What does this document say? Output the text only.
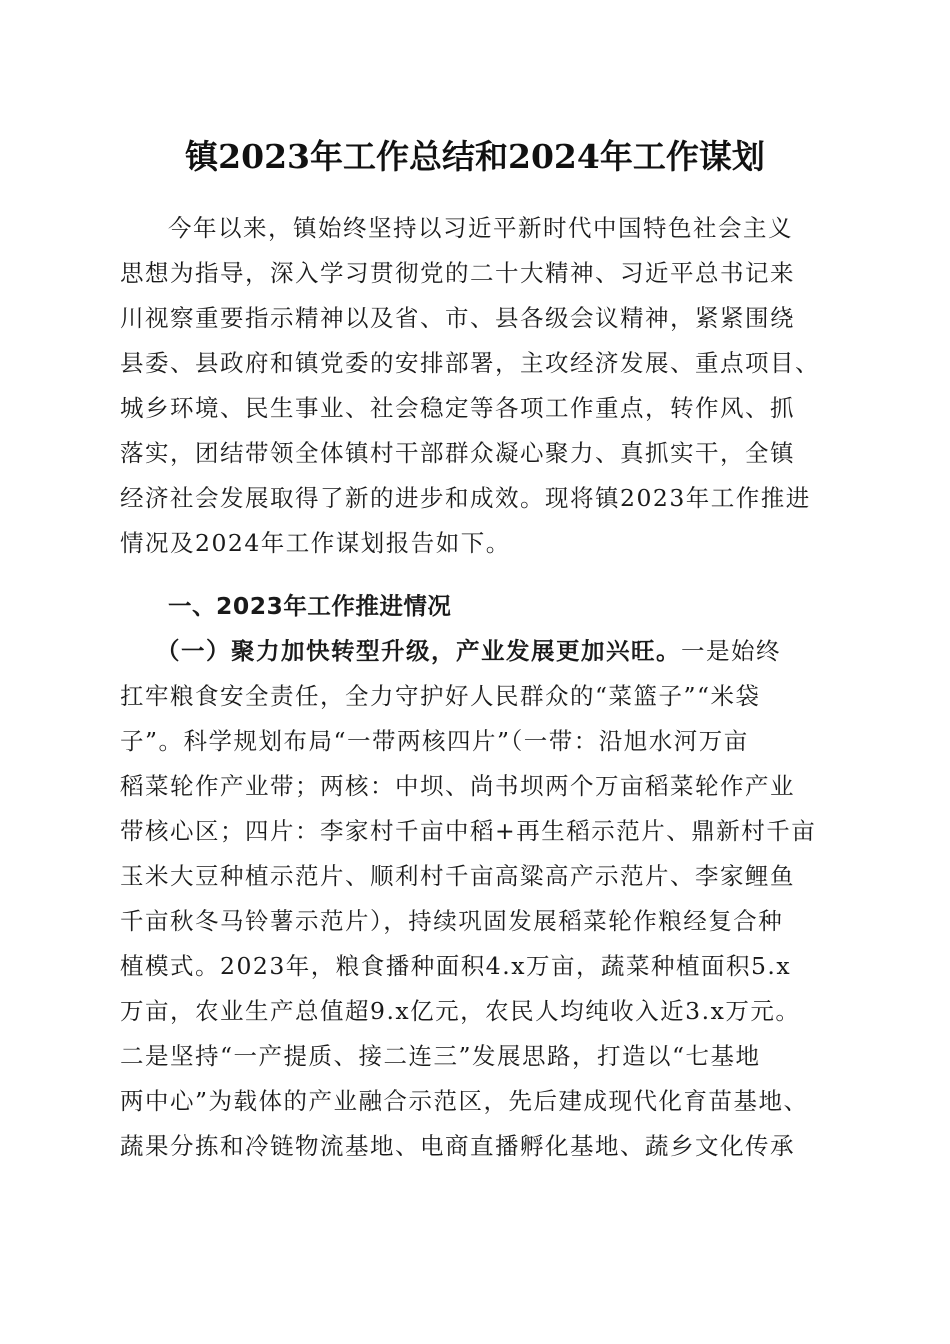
镇2023年工作总结和2024年工作谋划
今年以来，镇始终坚持以习近平新时代中国特色社会主义
思想为指导，深入学习贯彻党的二十大精神、习近平总书记来
川视察重要指示精神以及省、市、县各级会议精神，紧紧围绕
县委、县政府和镇党委的安排部署，主攻经济发展、重点项目、
城乡环境、民生事业、社会稳定等各项工作重点，转作风、抓
落实，团结带领全体镇村干部群众凝心聚力、真抓实干，全镇
经济社会发展取得了新的进步和成效。现将镇2023年工作推进
情况及2024年工作谋划报告如下。
一、2023年工作推进情况
（一）聚力加快转型升级，产业发展更加兴旺。一是始终
扛牢粮食安全责任，全力守护好人民群众的“菜篮子”“米袋
子”。科学规划布局“一带两核四片”（一带：沿旭水河万亩
稻菜轮作产业带；两核：中坝、尚书坝两个万亩稻菜轮作产业
带核心区；四片：李家村千亩中稻+再生稻示范片、鼎新村千亩
玉米大豆种植示范片、顺利村千亩高粱高产示范片、李家鲤鱼
千亩秋冬马铃薯示范片），持续巩固发展稻菜轮作粮经复合种
植模式。2023年，粮食播种面积4.x万亩，蔬菜种植面积5.x
万亩，农业生产总值超9.x亿元，农民人均纯收入近3.x万元。
二是坚持“一产提质、接二连三”发展思路，打造以“七基地
两中心”为载体的产业融合示范区，先后建成现代化育苗基地、
蔬果分拣和冷链物流基地、电商直播孵化基地、蔬乡文化传承
